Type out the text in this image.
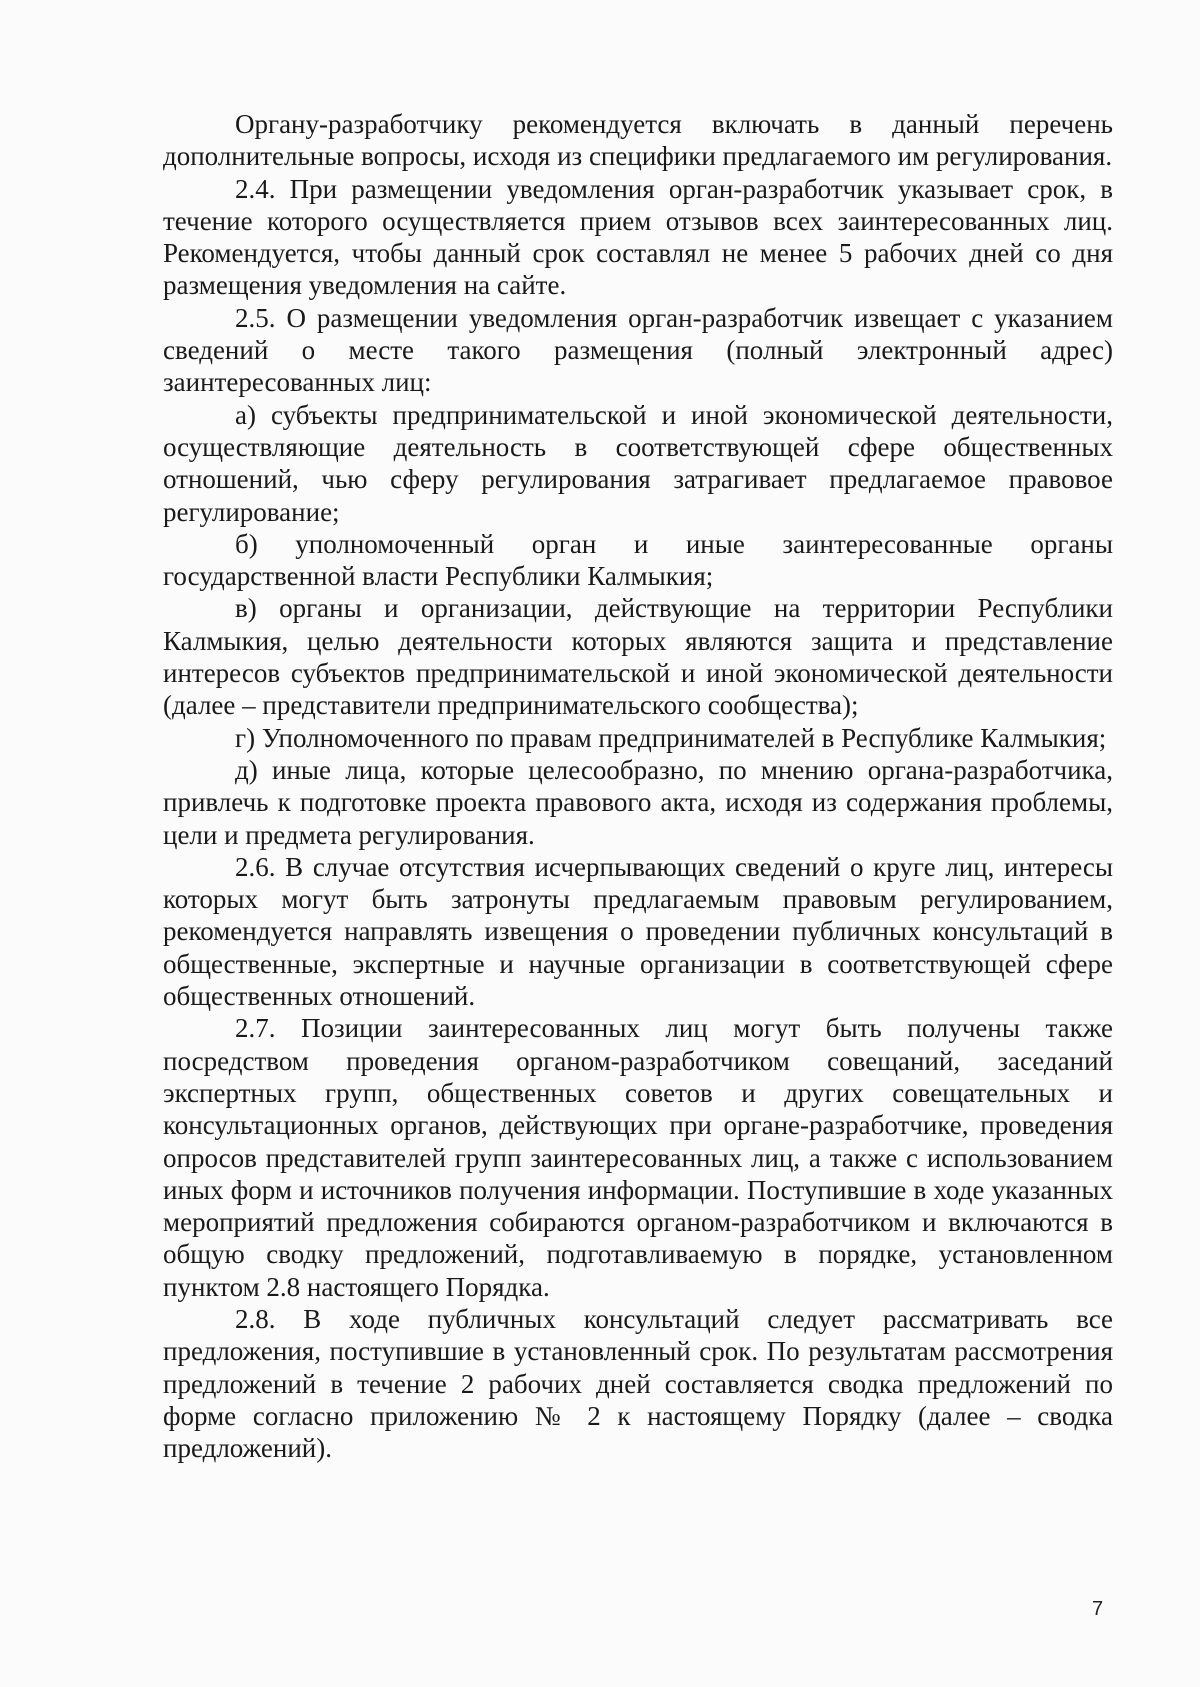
Органу-разработчику рекомендуется включать в данный перечень дополнительные вопросы, исходя из специфики предлагаемого им регулирования.

2.4. При размещении уведомления орган-разработчик указывает срок, в течение которого осуществляется прием отзывов всех заинтересованных лиц. Рекомендуется, чтобы данный срок составлял не менее 5 рабочих дней со дня размещения уведомления на сайте.

2.5. О размещении уведомления орган-разработчик извещает с указанием сведений о месте такого размещения (полный электронный адрес) заинтересованных лиц:

а) субъекты предпринимательской и иной экономической деятельности, осуществляющие деятельность в соответствующей сфере общественных отношений, чью сферу регулирования затрагивает предлагаемое правовое регулирование;

б) уполномоченный орган и иные заинтересованные органы государственной власти Республики Калмыкия;

в) органы и организации, действующие на территории Республики Калмыкия, целью деятельности которых являются защита и представление интересов субъектов предпринимательской и иной экономической деятельности (далее – представители предпринимательского сообщества);

г) Уполномоченного по правам предпринимателей в Республике Калмыкия;

д) иные лица, которые целесообразно, по мнению органа-разработчика, привлечь к подготовке проекта правового акта, исходя из содержания проблемы, цели и предмета регулирования.

2.6. В случае отсутствия исчерпывающих сведений о круге лиц, интересы которых могут быть затронуты предлагаемым правовым регулированием, рекомендуется направлять извещения о проведении публичных консультаций в общественные, экспертные и научные организации в соответствующей сфере общественных отношений.

2.7. Позиции заинтересованных лиц могут быть получены также посредством проведения органом-разработчиком совещаний, заседаний экспертных групп, общественных советов и других совещательных и консультационных органов, действующих при органе-разработчике, проведения опросов представителей групп заинтересованных лиц, а также с использованием иных форм и источников получения информации. Поступившие в ходе указанных мероприятий предложения собираются органом-разработчиком и включаются в общую сводку предложений, подготавливаемую в порядке, установленном пунктом 2.8 настоящего Порядка.

2.8. В ходе публичных консультаций следует рассматривать все предложения, поступившие в установленный срок. По результатам рассмотрения предложений в течение 2 рабочих дней составляется сводка предложений по форме согласно приложению № 2 к настоящему Порядку (далее – сводка предложений).

7
